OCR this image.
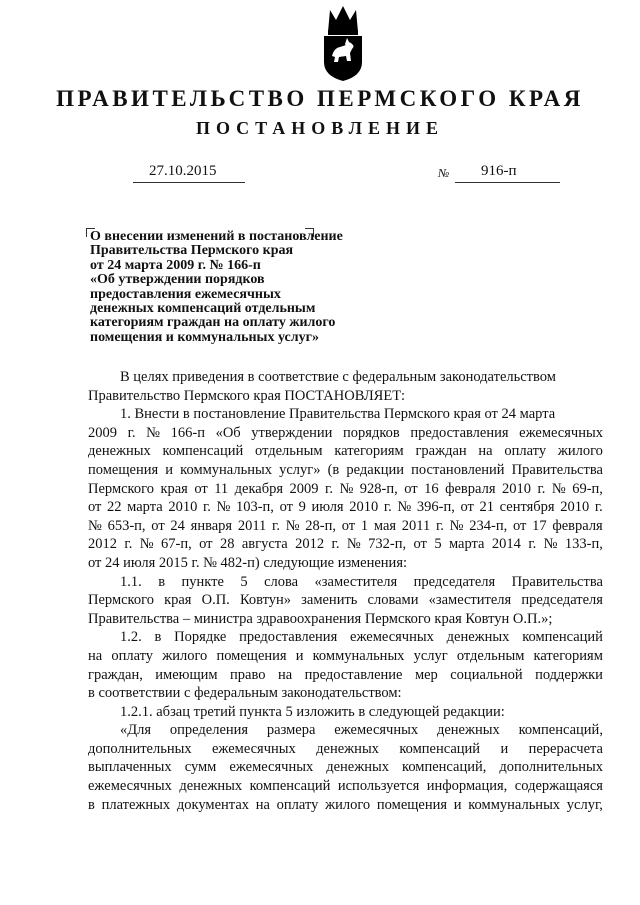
ПРАВИТЕЛЬСТВО ПЕРМСКОГО КРАЯ
ПОСТАНОВЛЕНИЕ
27.10.2015	№ 916-п
О внесении изменений в постановление
Правительства Пермского края
от 24 марта 2009 г. № 166-п
«Об утверждении порядков
предоставления ежемесячных
денежных компенсаций отдельным
категориям граждан на оплату жилого
помещения и коммунальных услуг»
В целях приведения в соответствие с федеральным законодательством
Правительство Пермского края ПОСТАНОВЛЯЕТ:
1. Внести в постановление Правительства Пермского края от 24 марта
2009 г. № 166-п «Об утверждении порядков предоставления ежемесячных
денежных компенсаций отдельным категориям граждан на оплату жилого
помещения и коммунальных услуг» (в редакции постановлений Правительства
Пермского края от 11 декабря 2009 г. № 928-п, от 16 февраля 2010 г. № 69-п,
от 22 марта 2010 г. № 103-п, от 9 июля 2010 г. № 396-п, от 21 сентября 2010 г.
№ 653-п, от 24 января 2011 г. № 28-п, от 1 мая 2011 г. № 234-п, от 17 февраля
2012 г. № 67-п, от 28 августа 2012 г. № 732-п, от 5 марта 2014 г. № 133-п,
от 24 июля 2015 г. № 482-п) следующие изменения:
1.1. в пункте 5 слова «заместителя председателя Правительства
Пермского края О.П. Ковтун» заменить словами «заместителя председателя
Правительства – министра здравоохранения Пермского края Ковтун О.П.»;
1.2. в Порядке предоставления ежемесячных денежных компенсаций
на оплату жилого помещения и коммунальных услуг отдельным категориям
граждан, имеющим право на предоставление мер социальной поддержки
в соответствии с федеральным законодательством:
1.2.1. абзац третий пункта 5 изложить в следующей редакции:
«Для определения размера ежемесячных денежных компенсаций,
дополнительных ежемесячных денежных компенсаций и перерасчета
выплаченных сумм ежемесячных денежных компенсаций, дополнительных
ежемесячных денежных компенсаций используется информация, содержащаяся
в платежных документах на оплату жилого помещения и коммунальных услуг,
